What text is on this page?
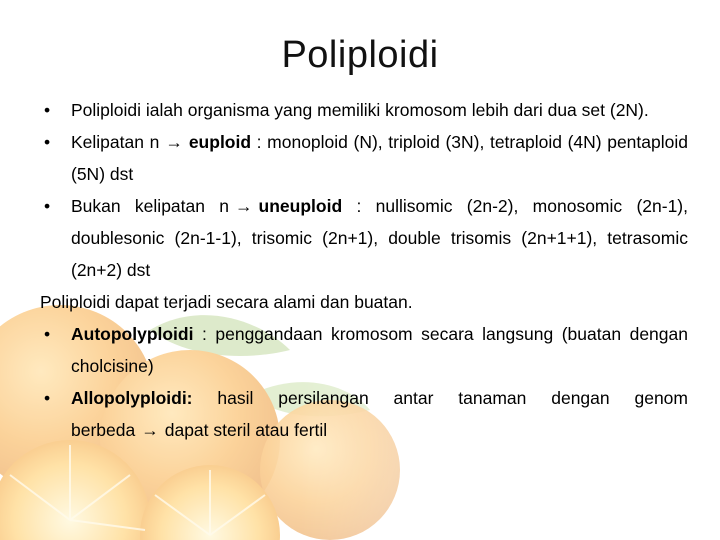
Poliploidi
• Poliploidi ialah organisma yang memiliki kromosom lebih dari dua set (2N).
• Kelipatan n → euploid : monoploid (N), triploid (3N), tetraploid (4N) pentaploid (5N) dst
• Bukan kelipatan n → uneuploid : nullisomic (2n-2), monosomic (2n-1), doublesonic (2n-1-1), trisomic (2n+1), double trisomis (2n+1+1), tetrasomic (2n+2) dst
Poliploidi dapat terjadi secara alami dan buatan.
• Autopolyploidi : penggandaan kromosom secara langsung (buatan dengan cholcisine)
• Allopolyploidi: hasil persilangan antar tanaman dengan genom berbeda → dapat steril atau fertil
